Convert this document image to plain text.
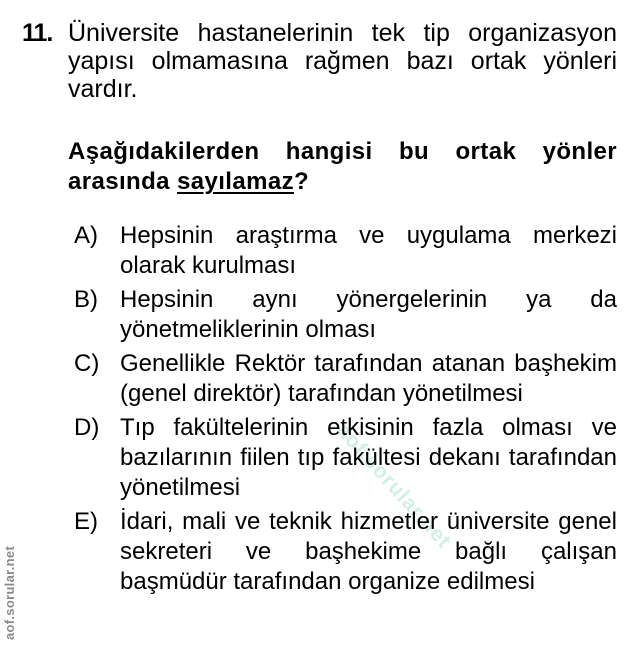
aof.sorular.net
11. Üniversite hastanelerinin tek tip organizasyon yapısı olmamasına rağmen bazı ortak yönleri vardır.
Aşağıdakilerden hangisi bu ortak yönler arasında sayılamaz?
A) Hepsinin araştırma ve uygulama merkezi olarak kurulması
B) Hepsinin aynı yönergelerinin ya da yönetmeliklerinin olması
C) Genellikle Rektör tarafından atanan başhekim (genel direktör) tarafından yönetilmesi
D) Tıp fakültelerinin etkisinin fazla olması ve bazılarının fiilen tıp fakültesi dekanı tarafından yönetilmesi
E) İdari, mali ve teknik hizmetler üniversite genel sekreteri ve başhekime bağlı çalışan başmüdür tarafından organize edilmesi
aof.sorular.net
